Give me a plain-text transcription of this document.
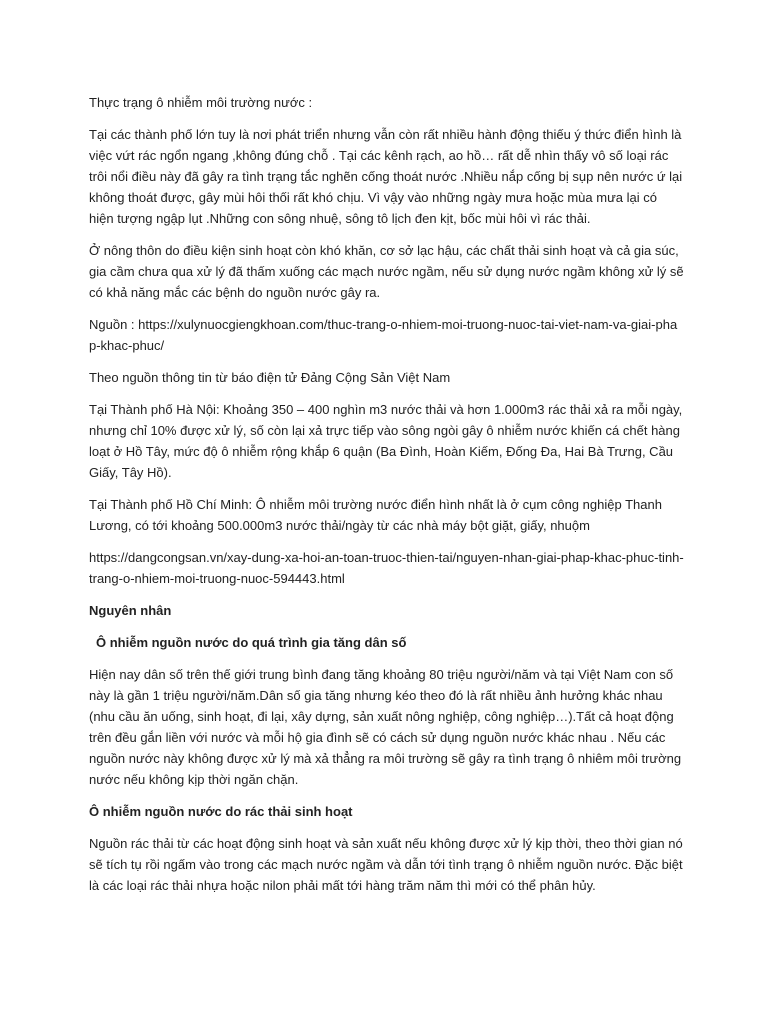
Thực trạng ô nhiễm môi trường nước :

Tại các thành phố lớn tuy là nơi phát triển nhưng vẫn còn rất nhiều hành động thiếu ý thức điển hình là việc vứt rác ngổn ngang ,không đúng chỗ . Tại các kênh rạch, ao hồ… rất dễ nhìn thấy vô số loại rác trôi nổi điều này đã gây ra tình trạng tắc nghẽn cống thoát nước .Nhiều nắp cống bị sụp nên nước ứ lại không thoát được, gây mùi hôi thối rất khó chịu. Vì vậy vào những ngày mưa hoặc mùa mưa lại có hiện tượng ngập lụt .Những con sông nhuệ, sông tô lịch đen kịt, bốc mùi hôi vì rác thải.

Ở nông thôn do điều kiện sinh hoạt còn khó khăn, cơ sở lạc hậu, các chất thải sinh hoạt và cả gia súc, gia cầm chưa qua xử lý đã thấm xuống các mạch nước ngầm, nếu sử dụng nước ngầm không xử lý sẽ có khả năng mắc các bệnh do nguồn nước gây ra.

Nguồn : https://xulynuocgiengkhoan.com/thuc-trang-o-nhiem-moi-truong-nuoc-tai-viet-nam-va-giai-phap-khac-phuc/

Theo nguồn thông tin từ báo điện tử Đảng Cộng Sản Việt Nam

Tại Thành phố Hà Nội: Khoảng 350 – 400 nghìn m3 nước thải và hơn 1.000m3 rác thải xả ra mỗi ngày, nhưng chỉ 10% được xử lý, số còn lại xả trực tiếp vào sông ngòi gây ô nhiễm nước khiến cá chết hàng loạt ở Hồ Tây, mức độ ô nhiễm rộng khắp 6 quận (Ba Đình, Hoàn Kiếm, Đống Đa, Hai Bà Trưng, Cầu Giấy, Tây Hồ).

Tại Thành phố Hồ Chí Minh: Ô nhiễm môi trường nước điển hình nhất là ở cụm công nghiệp Thanh Lương, có tới khoảng 500.000m3 nước thải/ngày từ các nhà máy bột giặt, giấy, nhuộm

https://dangcongsan.vn/xay-dung-xa-hoi-an-toan-truoc-thien-tai/nguyen-nhan-giai-phap-khac-phuc-tinh-trang-o-nhiem-moi-truong-nuoc-594443.html

Nguyên nhân

Ô nhiễm nguồn nước do quá trình gia tăng dân số

Hiện nay dân số trên thế giới trung bình đang tăng khoảng 80 triệu người/năm và tại Việt Nam con số này là gần 1 triệu người/năm.Dân số gia tăng nhưng kéo theo đó là rất nhiều ảnh hưởng khác nhau (nhu cầu ăn uống, sinh hoạt, đi lại, xây dựng, sản xuất nông nghiệp, công nghiệp…).Tất cả hoạt động trên đều gắn liền với nước và mỗi hộ gia đình sẽ có cách sử dụng nguồn nước khác nhau . Nếu các nguồn nước này không được xử lý mà xả thẳng ra môi trường sẽ gây ra tình trạng ô nhiêm môi trường nước nếu không kịp thời ngăn chặn.

Ô nhiễm nguồn nước do rác thải sinh hoạt

Nguồn rác thải từ các hoạt động sinh hoạt và sản xuất nếu không được xử lý kịp thời, theo thời gian nó sẽ tích tụ rồi ngấm vào trong các mạch nước ngầm và dẫn tới tình trạng ô nhiễm nguồn nước. Đặc biệt là các loại rác thải nhựa hoặc nilon phải mất tới hàng trăm năm thì mới có thể phân hủy.
